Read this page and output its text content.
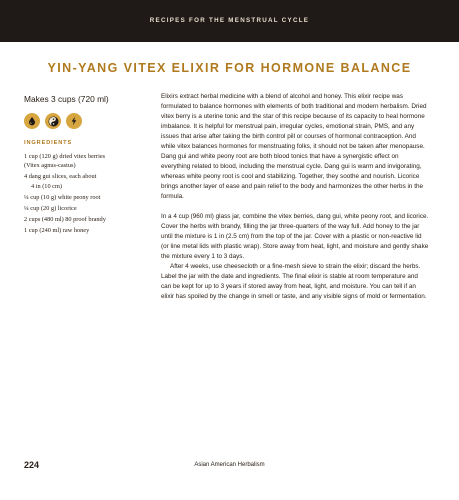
RECIPES FOR THE MENSTRUAL CYCLE
YIN-YANG VITEX ELIXIR FOR HORMONE BALANCE
Makes 3 cups (720 ml)
INGREDIENTS
1 cup (120 g) dried vitex berries
(Vitex agnus-castus)
4 dang gui slices, each about
4 in (10 cm)
¼ cup (10 g) white peony root
¼ cup (20 g) licorice
2 cups (480 ml) 80 proof brandy
1 cup (240 ml) raw honey

Elixirs extract herbal medicine with a blend of alcohol and honey. This elixir recipe was formulated to balance hormones with elements of both traditional and modern herbalism. Dried vitex berry is a uterine tonic and the star of this recipe because of its capacity to heal hormone imbalance. It is helpful for menstrual pain, irregular cycles, emotional strain, PMS, and any issues that arise after taking the birth control pill or courses of hormonal contraception. And while vitex balances hormones for menstruating folks, it should not be taken after menopause. Dang gui and white peony root are both blood tonics that have a synergistic effect on everything related to blood, including the menstrual cycle. Dang gui is warm and invigorating, whereas white peony root is cool and stabilizing. Together, they soothe and nourish. Licorice brings another layer of ease and pain relief to the body and harmonizes the other herbs in the formula.

In a 4 cup (960 ml) glass jar, combine the vitex berries, dang gui, white peony root, and licorice. Cover the herbs with brandy, filling the jar three-quarters of the way full. Add honey to the jar until the mixture is 1 in (2.5 cm) from the top of the jar. Cover with a plastic or non-reactive lid (or line metal lids with plastic wrap). Store away from heat, light, and moisture and gently shake the mixture every 1 to 3 days.

After 4 weeks, use cheesecloth or a fine-mesh sieve to strain the elixir; discard the herbs. Label the jar with the date and ingredients. The final elixir is stable at room temperature and can be kept for up to 3 years if stored away from heat, light, and moisture. You can tell if an elixir has spoiled by the change in smell or taste, and any visible signs of mold or fermentation.

224	Asian American Herbalism
